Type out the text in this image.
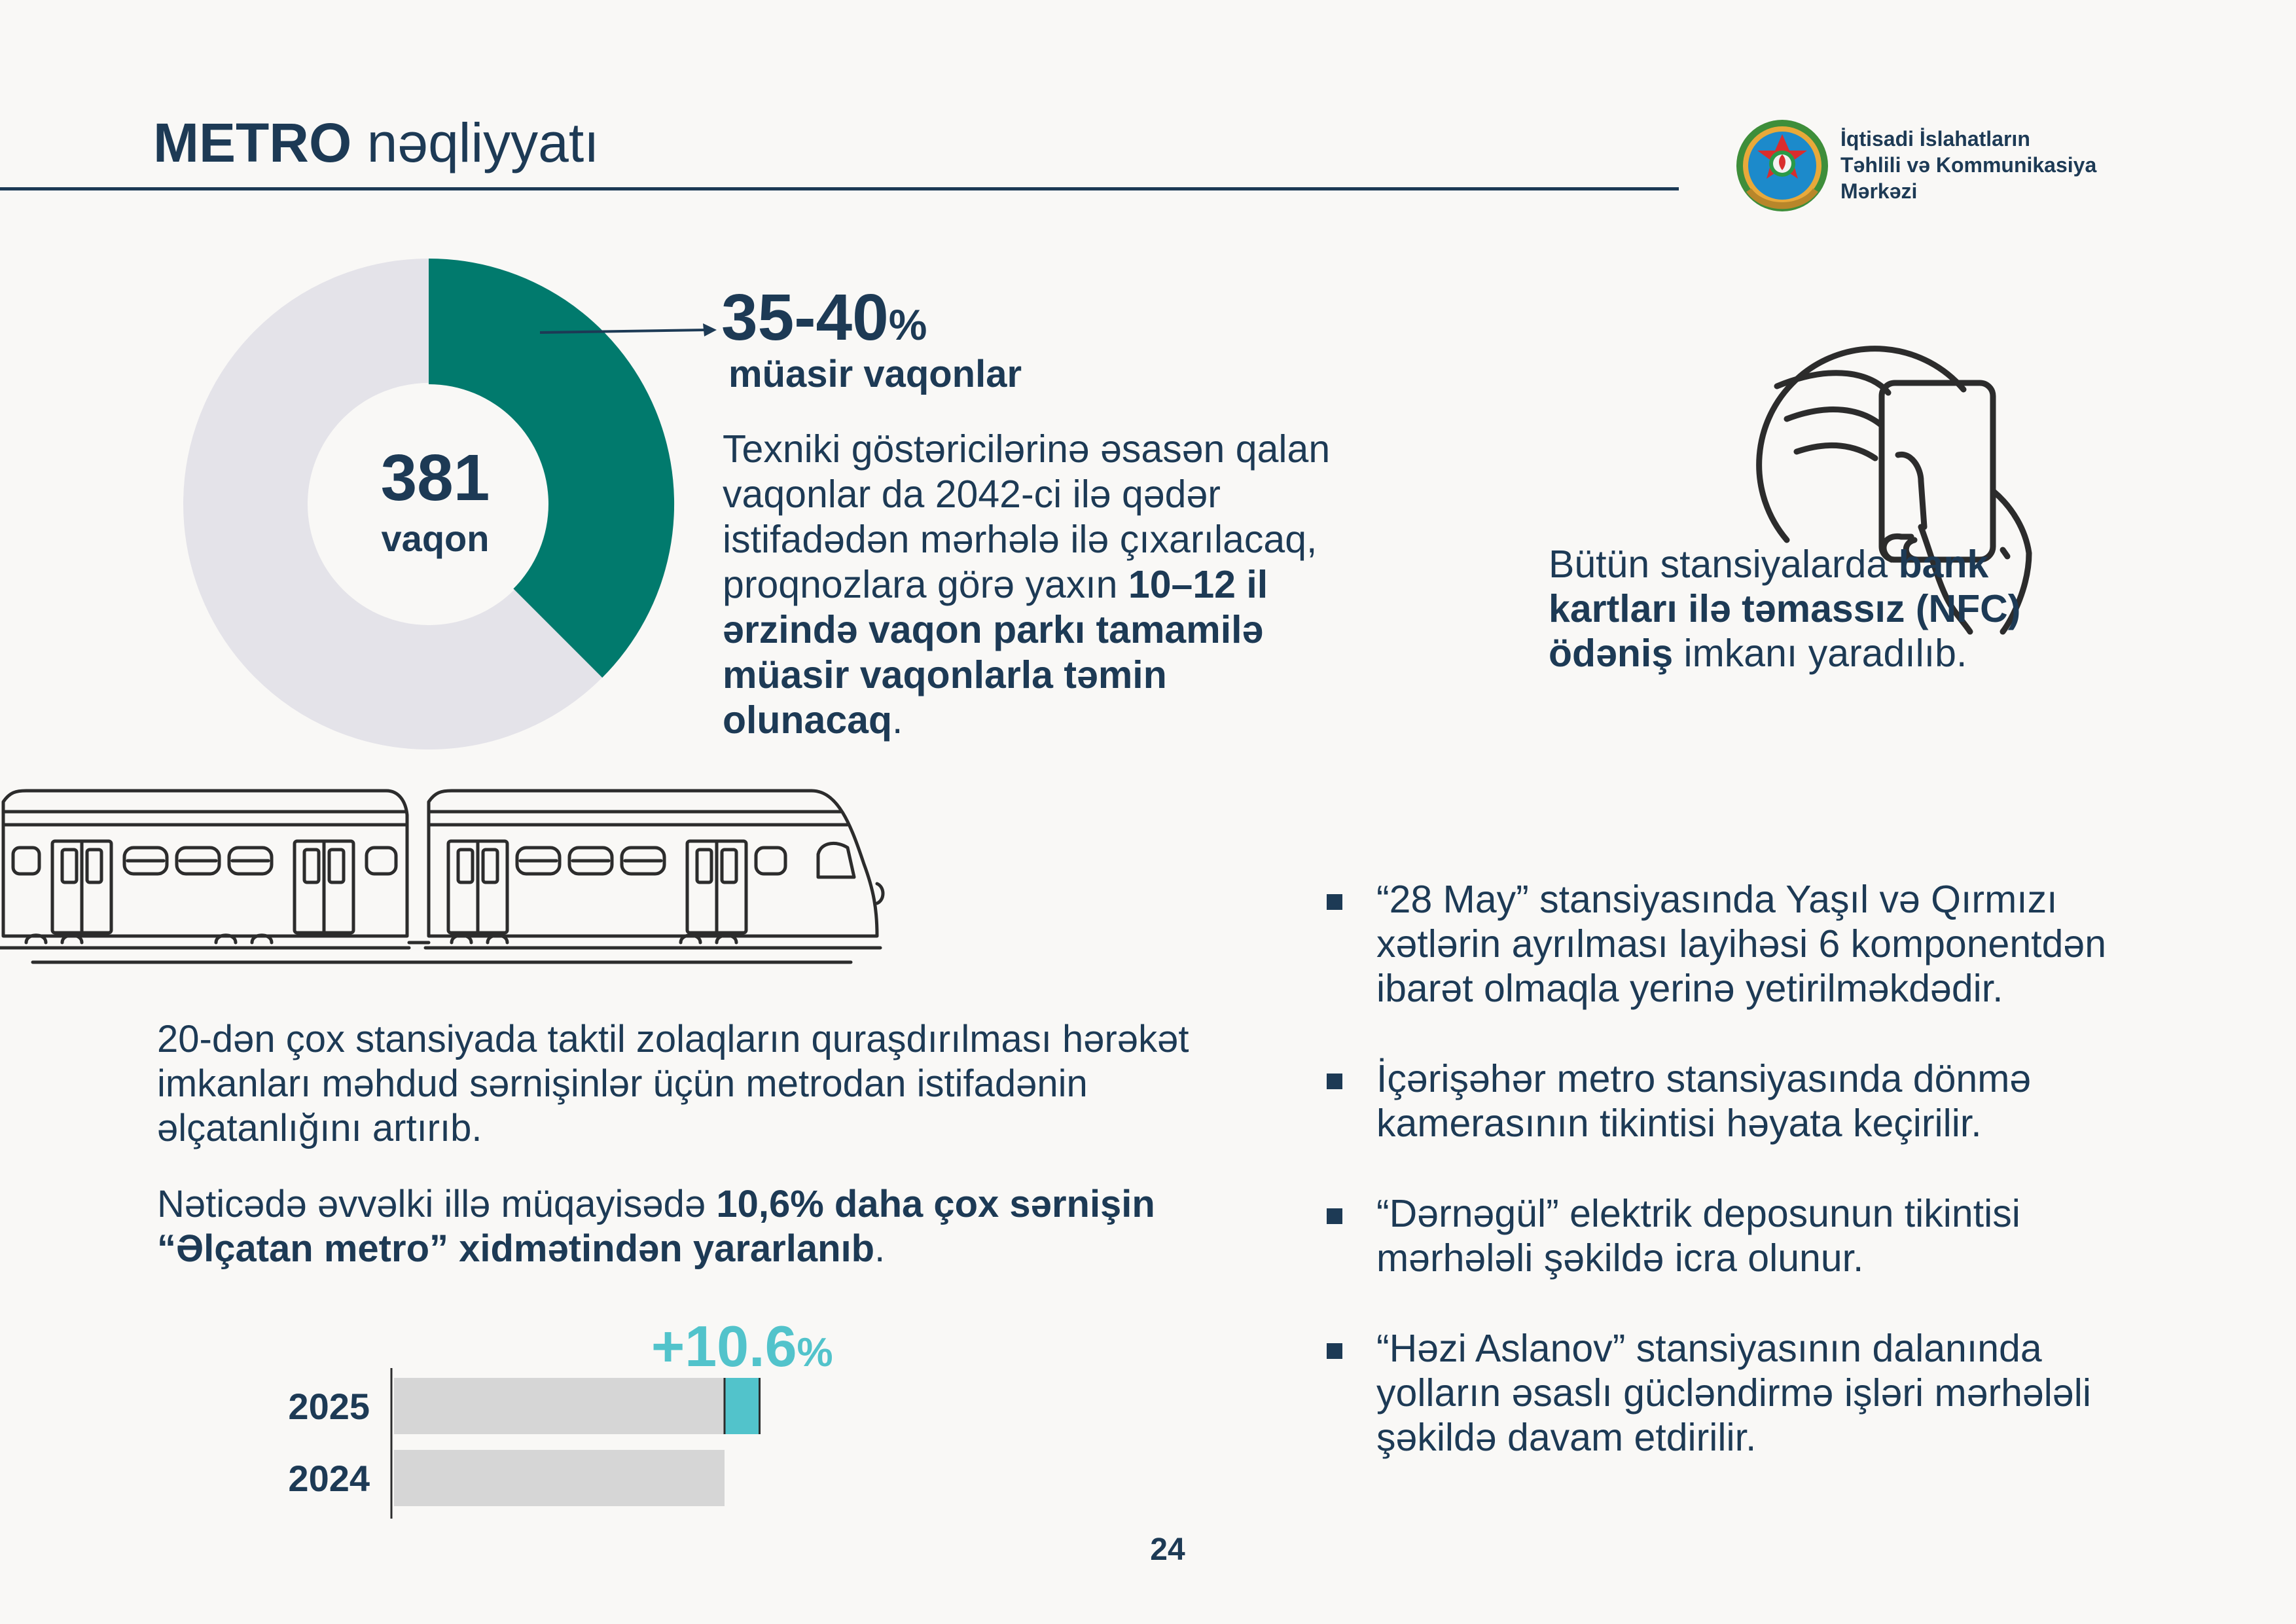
METRO nəqliyyatı	İqtisadi İslahatların
Təhlili və Kommunikasiya
Mərkəzi
381
vaqon
35-40%
müasir vaqonlar
Texniki göstəricilərinə əsasən qalan vaqonlar da 2042-ci ilə qədər istifadədən mərhələ ilə çıxarılacaq, proqnozlara görə yaxın 10–12 il ərzində vaqon parkı tamamilə müasir vaqonlarla təmin olunacaq.
Bütün stansiyalarda bank kartları ilə təmassız (NFC) ödəniş imkanı yaradılıb.
20-dən çox stansiyada taktil zolaqların quraşdırılması hərəkət imkanları məhdud sərnişinlər üçün metrodan istifadənin əlçatanlığını artırıb.
Nəticədə əvvəlki illə müqayisədə 10,6% daha çox sərnişin “Əlçatan metro” xidmətindən yararlanıb.
2025
+10.6%
2024
“28 May” stansiyasında Yaşıl və Qırmızı xətlərin ayrılması layihəsi 6 komponentdən ibarət olmaqla yerinə yetirilməkdədir.
İçərişəhər metro stansiyasında dönmə kamerasının tikintisi həyata keçirilir.
“Dərnəgül” elektrik deposunun tikintisi mərhələli şəkildə icra olunur.
“Həzi Aslanov” stansiyasının dalanında yolların əsaslı gücləndirmə işləri mərhələli şəkildə davam etdirilir.
24
